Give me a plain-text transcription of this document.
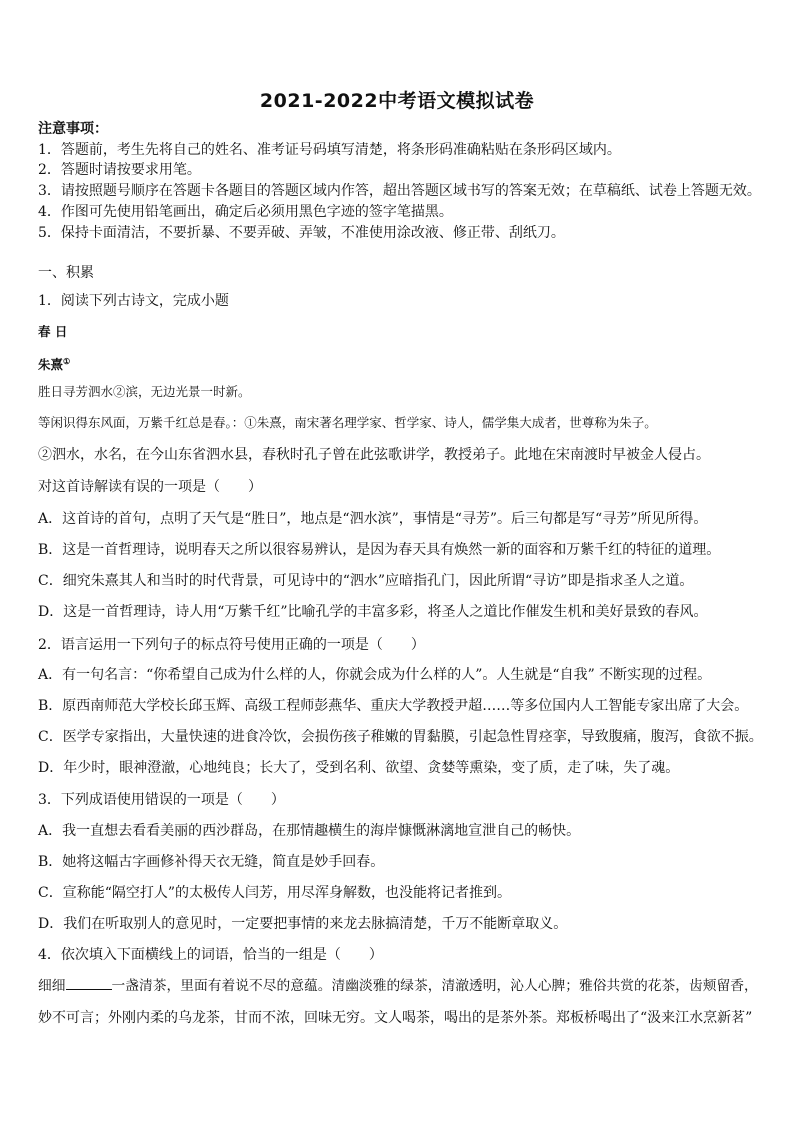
2021-2022中考语文模拟试卷
注意事项：
1．答题前，考生先将自己的姓名、准考证号码填写清楚，将条形码准确粘贴在条形码区域内。
2．答题时请按要求用笔。
3．请按照题号顺序在答题卡各题目的答题区域内作答，超出答题区域书写的答案无效；在草稿纸、试卷上答题无效。
4．作图可先使用铅笔画出，确定后必须用黑色字迹的签字笔描黑。
5．保持卡面清洁，不要折暴、不要弄破、弄皱，不准使用涂改液、修正带、刮纸刀。
一、积累
1．阅读下列古诗文，完成小题
春 日
朱熹①
胜日寻芳泗水②滨，无边光景一时新。
等闲识得东风面，万紫千红总是春。：①朱熹，南宋著名理学家、哲学家、诗人，儒学集大成者，世尊称为朱子。
②泗水，水名，在今山东省泗水县，春秋时孔子曾在此弦歌讲学，教授弟子。此地在宋南渡时早被金人侵占。
对这首诗解读有误的一项是（　　）
A．这首诗的首句，点明了天气是“胜日”，地点是“泗水滨”，事情是“寻芳”。后三句都是写“寻芳”所见所得。
B．这是一首哲理诗，说明春天之所以很容易辨认，是因为春天具有焕然一新的面容和万紫千红的特征的道理。
C．细究朱熹其人和当时的时代背景，可见诗中的“泗水”应暗指孔门，因此所谓“寻访”即是指求圣人之道。
D．这是一首哲理诗，诗人用“万紫千红”比喻孔学的丰富多彩，将圣人之道比作催发生机和美好景致的春风。
2．语言运用一下列句子的标点符号使用正确的一项是（　　）
A．有一句名言：“你希望自己成为什么样的人，你就会成为什么样的人”。人生就是“自我” 不断实现的过程。
B．原西南师范大学校长邱玉辉、高级工程师彭燕华、重庆大学教授尹超……等多位国内人工智能专家出席了大会。
C．医学专家指出，大量快速的进食冷饮，会损伤孩子稚嫩的胃黏膜，引起急性胃痉挛，导致腹痛，腹泻，食欲不振。
D．年少时，眼神澄澈，心地纯良；长大了，受到名利、欲望、贪婪等熏染，变了质，走了味，失了魂。
3．下列成语使用错误的一项是（　　）
A．我一直想去看看美丽的西沙群岛，在那情趣横生的海岸慷慨淋漓地宣泄自己的畅快。
B．她将这幅古字画修补得天衣无缝，简直是妙手回春。
C．宣称能“隔空打人”的太极传人闫芳，用尽浑身解数，也没能将记者推到。
D．我们在听取别人的意见时，一定要把事情的来龙去脉搞清楚，千万不能断章取义。
4．依次填入下面横线上的词语，恰当的一组是（　　）
细细	一盏清茶，里面有着说不尽的意蕴。清幽淡雅的绿茶，清澈透明，沁人心脾；雅俗共赏的花茶，齿颊留香，
妙不可言；外刚内柔的乌龙茶，甘而不浓，回味无穷。文人喝茶，喝出的是茶外茶。郑板桥喝出了“汲来江水烹新茗”
